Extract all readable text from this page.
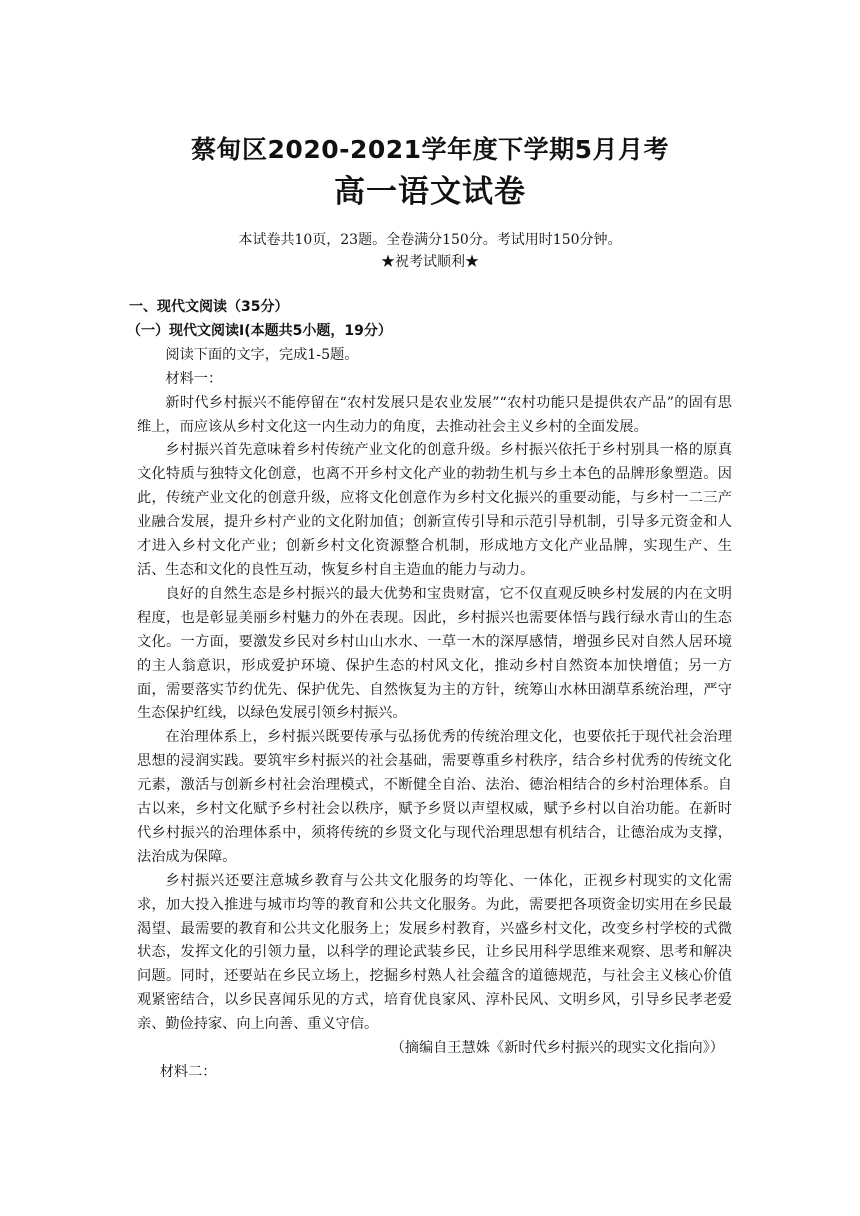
蔡甸区2020-2021学年度下学期5月月考
高一语文试卷
本试卷共10页，23题。全卷满分150分。考试用时150分钟。
★祝考试顺利★
一、现代文阅读（35分）
（一）现代文阅读I(本题共5小题，19分）
阅读下面的文字，完成1-5题。
材料一：
新时代乡村振兴不能停留在“农村发展只是农业发展”“农村功能只是提供农产品”的固有思维上，而应该从乡村文化这一内生动力的角度，去推动社会主义乡村的全面发展。
乡村振兴首先意味着乡村传统产业文化的创意升级。乡村振兴依托于乡村别具一格的原真文化特质与独特文化创意，也离不开乡村文化产业的勃勃生机与乡土本色的品牌形象塑造。因此，传统产业文化的创意升级，应将文化创意作为乡村文化振兴的重要动能，与乡村一二三产业融合发展，提升乡村产业的文化附加值；创新宣传引导和示范引导机制，引导多元资金和人才进入乡村文化产业；创新乡村文化资源整合机制，形成地方文化产业品牌，实现生产、生活、生态和文化的良性互动，恢复乡村自主造血的能力与动力。
良好的自然生态是乡村振兴的最大优势和宝贵财富，它不仅直观反映乡村发展的内在文明程度，也是彰显美丽乡村魅力的外在表现。因此，乡村振兴也需要体悟与践行绿水青山的生态文化。一方面，要激发乡民对乡村山山水水、一草一木的深厚感情，增强乡民对自然人居环境的主人翁意识，形成爱护环境、保护生态的村风文化，推动乡村自然资本加快增值；另一方面，需要落实节约优先、保护优先、自然恢复为主的方针，统筹山水林田湖草系统治理，严守生态保护红线，以绿色发展引领乡村振兴。
在治理体系上，乡村振兴既要传承与弘扬优秀的传统治理文化，也要依托于现代社会治理思想的浸润实践。要筑牢乡村振兴的社会基础，需要尊重乡村秩序，结合乡村优秀的传统文化元素，激活与创新乡村社会治理模式，不断健全自治、法治、德治相结合的乡村治理体系。自古以来，乡村文化赋予乡村社会以秩序，赋予乡贤以声望权威，赋予乡村以自治功能。在新时代乡村振兴的治理体系中，须将传统的乡贤文化与现代治理思想有机结合，让德治成为支撑，法治成为保障。
乡村振兴还要注意城乡教育与公共文化服务的均等化、一体化，正视乡村现实的文化需求，加大投入推进与城市均等的教育和公共文化服务。为此，需要把各项资金切实用在乡民最渴望、最需要的教育和公共文化服务上；发展乡村教育，兴盛乡村文化，改变乡村学校的式微状态，发挥文化的引领力量，以科学的理论武装乡民，让乡民用科学思维来观察、思考和解决问题。同时，还要站在乡民立场上，挖掘乡村熟人社会蕴含的道德规范，与社会主义核心价值观紧密结合，以乡民喜闻乐见的方式，培育优良家风、淳朴民风、文明乡风，引导乡民孝老爱亲、勤俭持家、向上向善、重义守信。
（摘编自王慧姝《新时代乡村振兴的现实文化指向》）
材料二：
